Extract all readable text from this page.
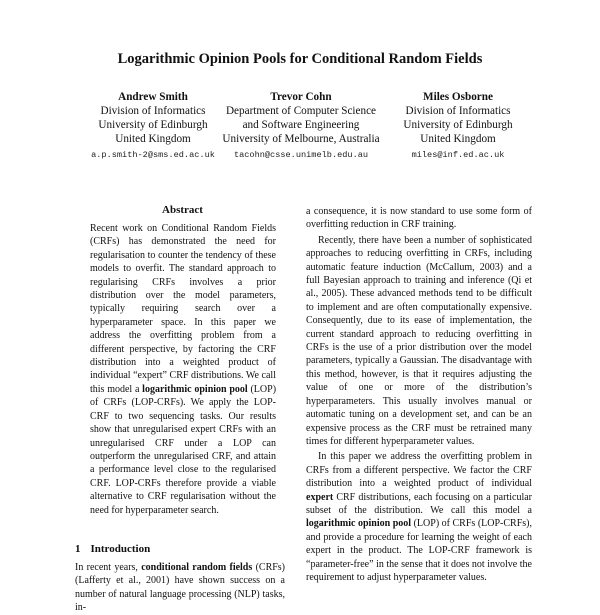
Logarithmic Opinion Pools for Conditional Random Fields
Andrew Smith
Division of Informatics
University of Edinburgh
United Kingdom
a.p.smith-2@sms.ed.ac.uk
Trevor Cohn
Department of Computer Science
and Software Engineering
University of Melbourne, Australia
tacohn@csse.unimelb.edu.au
Miles Osborne
Division of Informatics
University of Edinburgh
United Kingdom
miles@inf.ed.ac.uk
Abstract

Recent work on Conditional Random Fields (CRFs) has demonstrated the need for regularisation to counter the tendency of these models to overfit. The standard approach to regularising CRFs involves a prior distribution over the model parameters, typically requiring search over a hyperparameter space. In this paper we address the overfitting problem from a different perspective, by factoring the CRF distribution into a weighted product of individual “expert” CRF distributions. We call this model a logarithmic opinion pool (LOP) of CRFs (LOP-CRFs). We apply the LOP-CRF to two sequencing tasks. Our results show that unregularised expert CRFs with an unregularised CRF under a LOP can outperform the unregularised CRF, and attain a performance level close to the regularised CRF. LOP-CRFs therefore provide a viable alternative to CRF regularisation without the need for hyperparameter search.

1 Introduction

In recent years, conditional random fields (CRFs) (Lafferty et al., 2001) have shown success on a number of natural language processing (NLP) tasks, in-

a consequence, it is now standard to use some form of overfitting reduction in CRF training.

Recently, there have been a number of sophisticated approaches to reducing overfitting in CRFs, including automatic feature induction (McCallum, 2003) and a full Bayesian approach to training and inference (Qi et al., 2005). These advanced methods tend to be difficult to implement and are often computationally expensive. Consequently, due to its ease of implementation, the current standard approach to reducing overfitting in CRFs is the use of a prior distribution over the model parameters, typically a Gaussian. The disadvantage with this method, however, is that it requires adjusting the value of one or more of the distribution’s hyperparameters. This usually involves manual or automatic tuning on a development set, and can be an expensive process as the CRF must be retrained many times for different hyperparameter values.

In this paper we address the overfitting problem in CRFs from a different perspective. We factor the CRF distribution into a weighted product of individual expert CRF distributions, each focusing on a particular subset of the distribution. We call this model a logarithmic opinion pool (LOP) of CRFs (LOP-CRFs), and provide a procedure for learning the weight of each expert in the product. The LOP-CRF framework is “parameter-free” in the sense that it does not involve the requirement to adjust hyperparameter values.
